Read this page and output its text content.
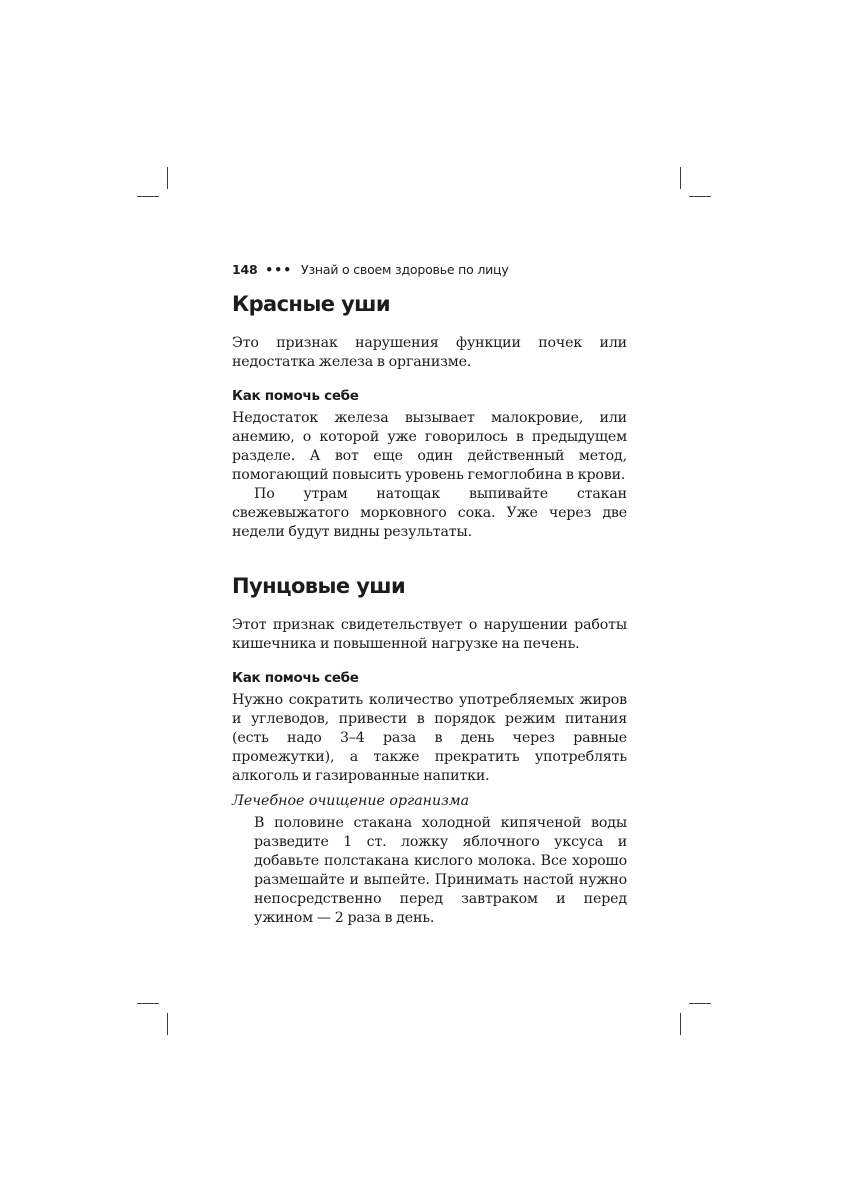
148 ••• Узнай о своем здоровье по лицу
Красные уши

Это признак нарушения функции почек или недостатка железа в организме.

Как помочь себе

Недостаток железа вызывает малокровие, или анемию, о которой уже говорилось в предыдущем разделе. А вот еще один действенный метод, помогающий повысить уровень гемоглобина в крови.

По утрам натощак выпивайте стакан свежевыжатого морковного сока. Уже через две недели будут видны результаты.

Пунцовые уши

Этот признак свидетельствует о нарушении работы кишечника и повышенной нагрузке на печень.

Как помочь себе

Нужно сократить количество употребляемых жиров и углеводов, привести в порядок режим питания (есть надо 3–4 раза в день через равные промежутки), а также прекратить употреблять алкоголь и газированные напитки.

Лечебное очищение организма

В половине стакана холодной кипяченой воды разведите 1 ст. ложку яблочного уксуса и добавьте полстакана кислого молока. Все хорошо размешайте и выпейте. Принимать настой нужно непосредственно перед завтраком и перед ужином — 2 раза в день.
